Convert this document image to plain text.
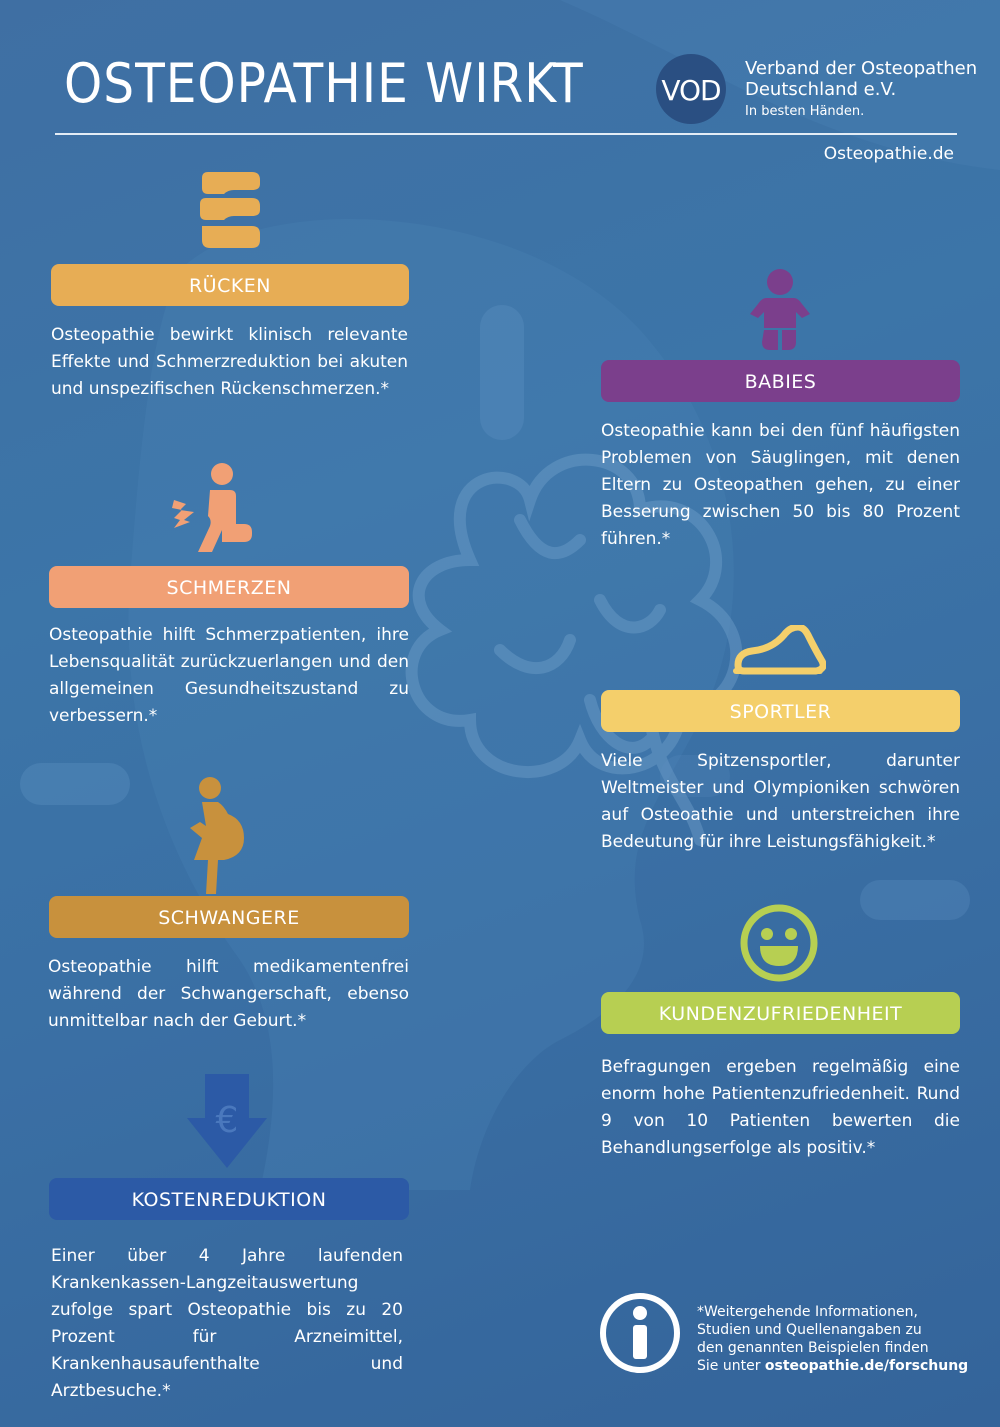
OSTEOPATHIE WIRKT	VOD
Verband der Osteopathen
Deutschland e.V.
In besten Händen.
Osteopathie.de
RÜCKEN
Osteopathie bewirkt klinisch relevante Effekte und Schmerzreduktion bei akuten und unspezifischen Rückenschmerzen.*
SCHMERZEN
Osteopathie hilft Schmerzpatienten, ihre Lebensqualität zurückzuerlangen und den allgemeinen Gesundheitszustand zu verbessern.*
SCHWANGERE
Osteopathie hilft medikamentenfrei während der Schwangerschaft, ebenso unmittelbar nach der Geburt.*
€
KOSTENREDUKTION
Einer über 4 Jahre laufenden Krankenkassen-Langzeitauswertung zufolge spart Osteopathie bis zu 20 Prozent für Arzneimittel, Krankenhausaufenthalte und Arztbesuche.*
BABIES
Osteopathie kann bei den fünf häufigsten Problemen von Säuglingen, mit denen Eltern zu Osteopathen gehen, zu einer Besserung zwischen 50 bis 80 Prozent führen.*
SPORTLER
Viele Spitzensportler, darunter Weltmeister und Olympioniken schwören auf Osteoathie und unterstreichen ihre Bedeutung für ihre Leistungsfähigkeit.*
KUNDENZUFRIEDENHEIT
Befragungen ergeben regelmäßig eine enorm hohe Patientenzufriedenheit. Rund 9 von 10 Patienten bewerten die Behandlungserfolge als positiv.*
*Weitergehende Informationen,
Studien und Quellenangaben zu
den genannten Beispielen finden
Sie unter osteopathie.de/forschung
